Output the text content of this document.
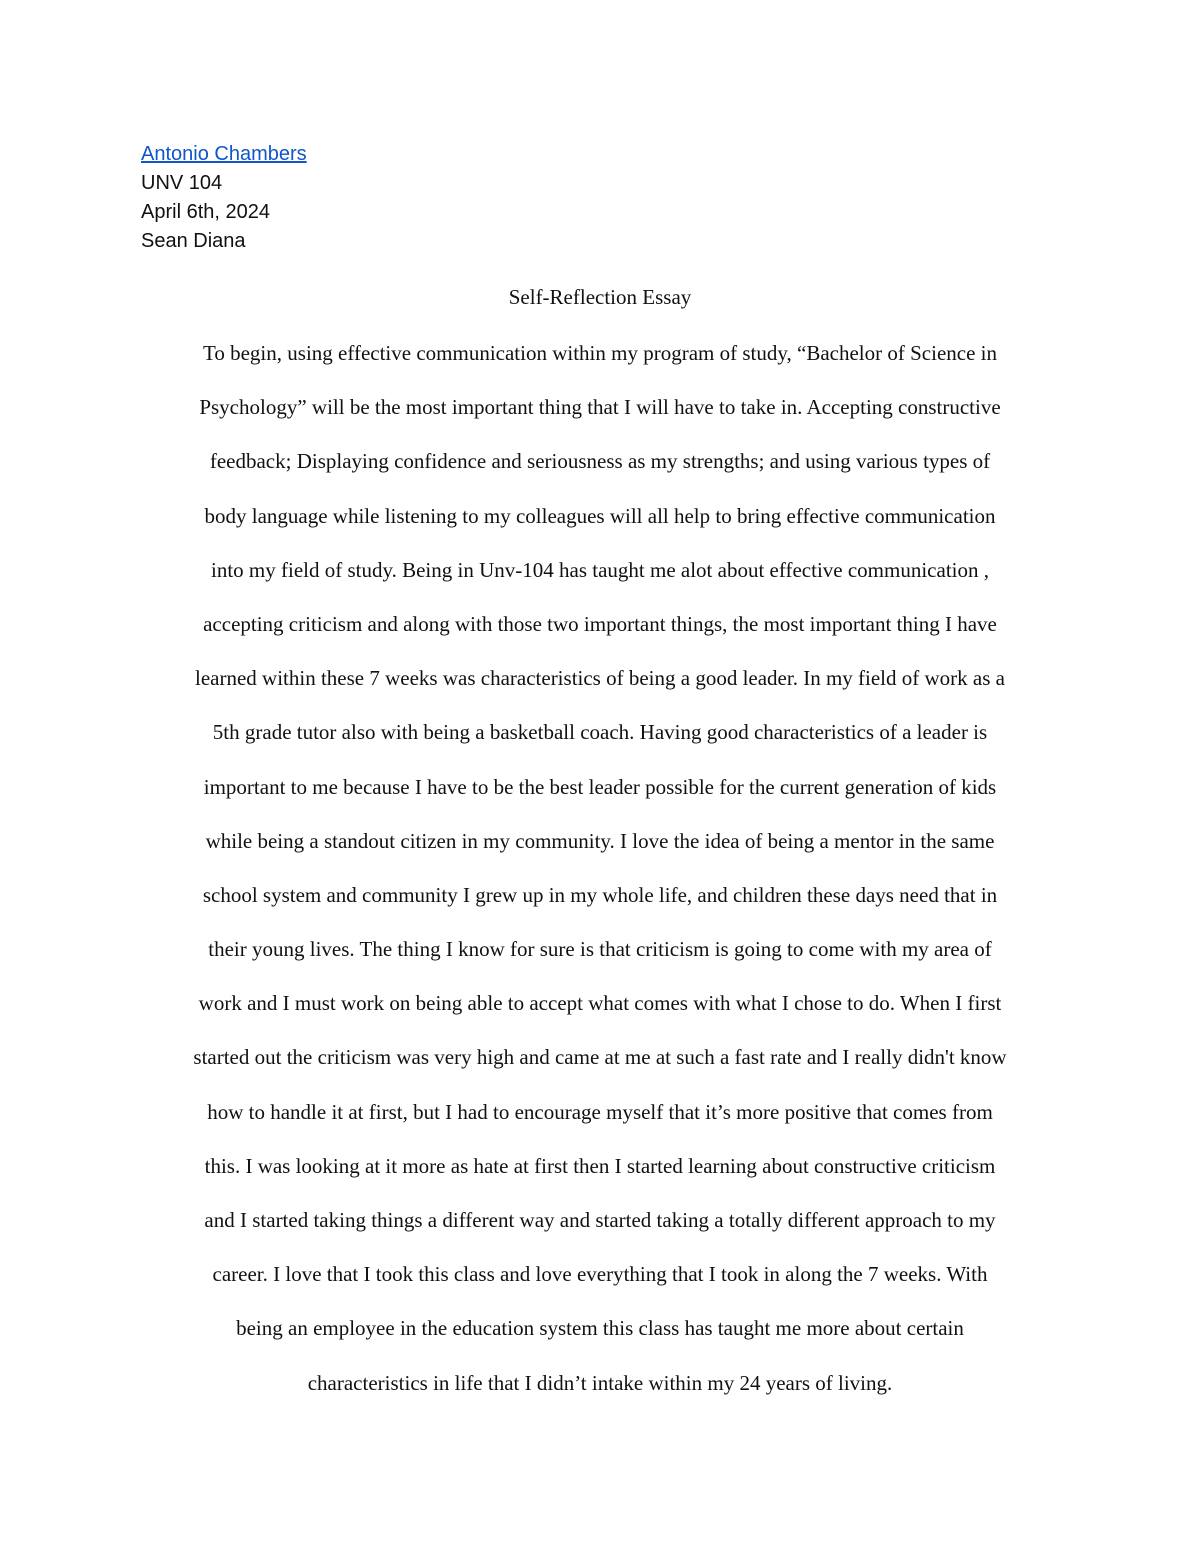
Antonio Chambers
UNV 104
April 6th, 2024
Sean Diana
Self-Reflection Essay
To begin, using effective communication within my program of study, “Bachelor of Science in
Psychology” will be the most important thing that I will have to take in. Accepting constructive
feedback; Displaying confidence and seriousness as my strengths; and using various types of
body language while listening to my colleagues will all help to bring effective communication
into my field of study. Being in Unv-104 has taught me alot about effective communication ,
accepting criticism and along with those two important things, the most important thing I have
learned within these 7 weeks was characteristics of being a good leader. In my field of work as a
5th grade tutor also with being a basketball coach. Having good characteristics of a leader is
important to me because I have to be the best leader possible for the current generation of kids
while being a standout citizen in my community. I love the idea of being a mentor in the same
school system and community I grew up in my whole life, and children these days need that in
their young lives. The thing I know for sure is that criticism is going to come with my area of
work and I must work on being able to accept what comes with what I chose to do. When I first
started out the criticism was very high and came at me at such a fast rate and I really didn't know
how to handle it at first, but I had to encourage myself that it’s more positive that comes from
this. I was looking at it more as hate at first then I started learning about constructive criticism
and I started taking things a different way and started taking a totally different approach to my
career. I love that I took this class and love everything that I took in along the 7 weeks. With
being an employee in the education system this class has taught me more about certain
characteristics in life that I didn’t intake within my 24 years of living.
